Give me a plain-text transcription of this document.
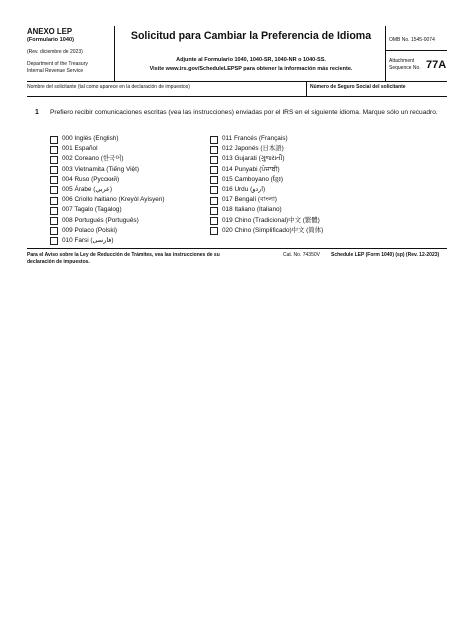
ANEXO LEP
(Formulario 1040)
(Rev. diciembre de 2023)
Department of the Treasury
Internal Revenue Service
Solicitud para Cambiar la Preferencia de Idioma
Adjunte al Formulario 1040, 1040-SR, 1040-NR o 1040-SS.
Visite www.irs.gov/ScheduleLEPSP para obtener la información más reciente.
OMB No. 1545-0074
Attachment
Sequence No. 77A
Nombre del solicitante (tal como aparece en la declaración de impuestos)	Número de Seguro Social del solicitante
1 Prefiero recibir comunicaciones escritas (vea las instrucciones) enviadas por el IRS en el siguiente idioma. Marque sólo un recuadro.
000 Inglés (English)
001 Español
002 Coreano (한국어)
003 Vietnamita (Tiếng Việt)
004 Ruso (Русский)
005 Árabe (عربي)
006 Criollo haitiano (Kreyòl Ayisyen)
007 Tagalo (Tagalog)
008 Portugués (Português)
009 Polaco (Polski)
010 Farsi (فارسی)
011 Francés (Français)
012 Japonés (日本語)
013 Gujarati (ગુજરાતી)
014 Punyabi (ਪੰਜਾਬੀ)
015 Camboyano (ខ្មែរ)
016 Urdu (اردو)
017 Bengalí (বাংলা)
018 Italiano (Italiano)
019 Chino (Tradicional)中文 (繁體)
020 Chino (Simplificado)中文 (简体)
Para el Aviso sobre la Ley de Reducción de Trámites, vea las instrucciones de su declaración de impuestos.
Cat. No. 74350V Schedule LEP (Form 1040) (sp) (Rev. 12-2023)
